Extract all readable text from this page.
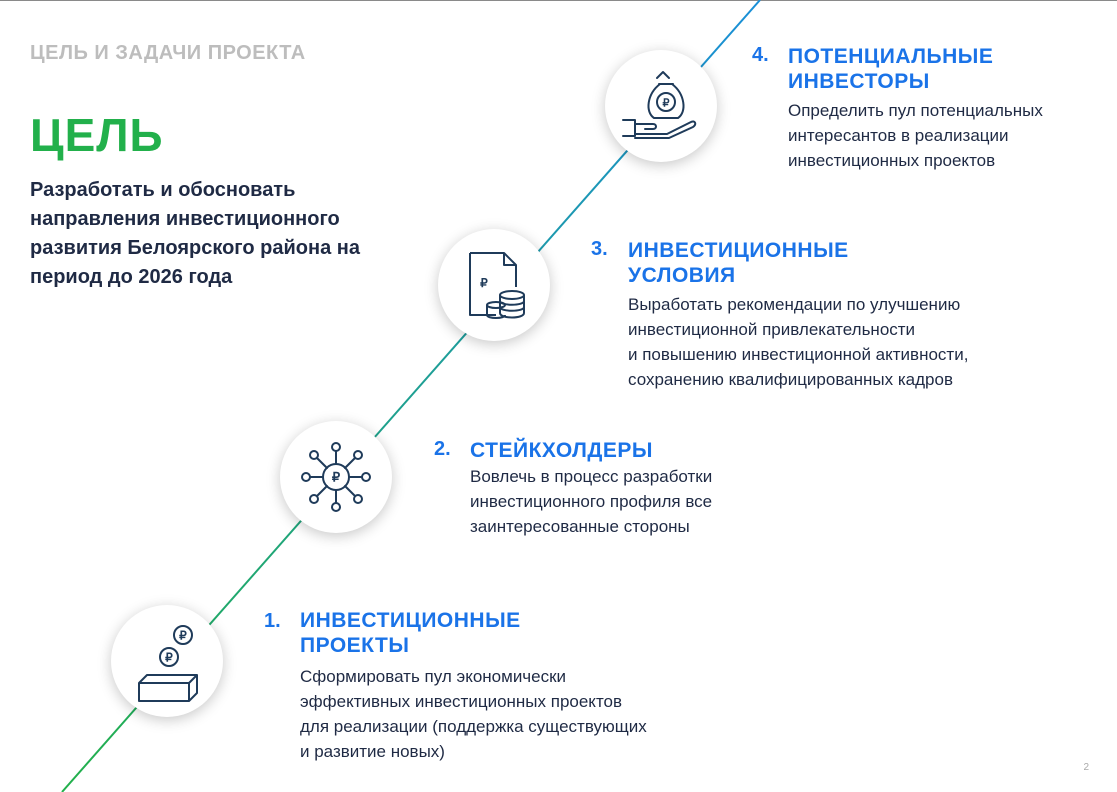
ЦЕЛЬ И ЗАДАЧИ ПРОЕКТА
ЦЕЛЬ
Разработать и обосновать направления инвестиционного развития Белоярского района на период до 2026 года
₽
4. ПОТЕНЦИАЛЬНЫЕ
ИНВЕСТОРЫ
Определить пул потенциальных
интересантов в реализации
инвестиционных проектов
₽
3. ИНВЕСТИЦИОННЫЕ
УСЛОВИЯ
Выработать рекомендации по улучшению
инвестиционной привлекательности
и повышению инвестиционной активности,
сохранению квалифицированных кадров
₽
2. СТЕЙКХОЛДЕРЫ
Вовлечь в процесс разработки
инвестиционного профиля все
заинтересованные стороны
₽
₽
1. ИНВЕСТИЦИОННЫЕ
ПРОЕКТЫ
Сформировать пул экономически
эффективных инвестиционных проектов
для реализации (поддержка существующих
и развитие новых)
2
